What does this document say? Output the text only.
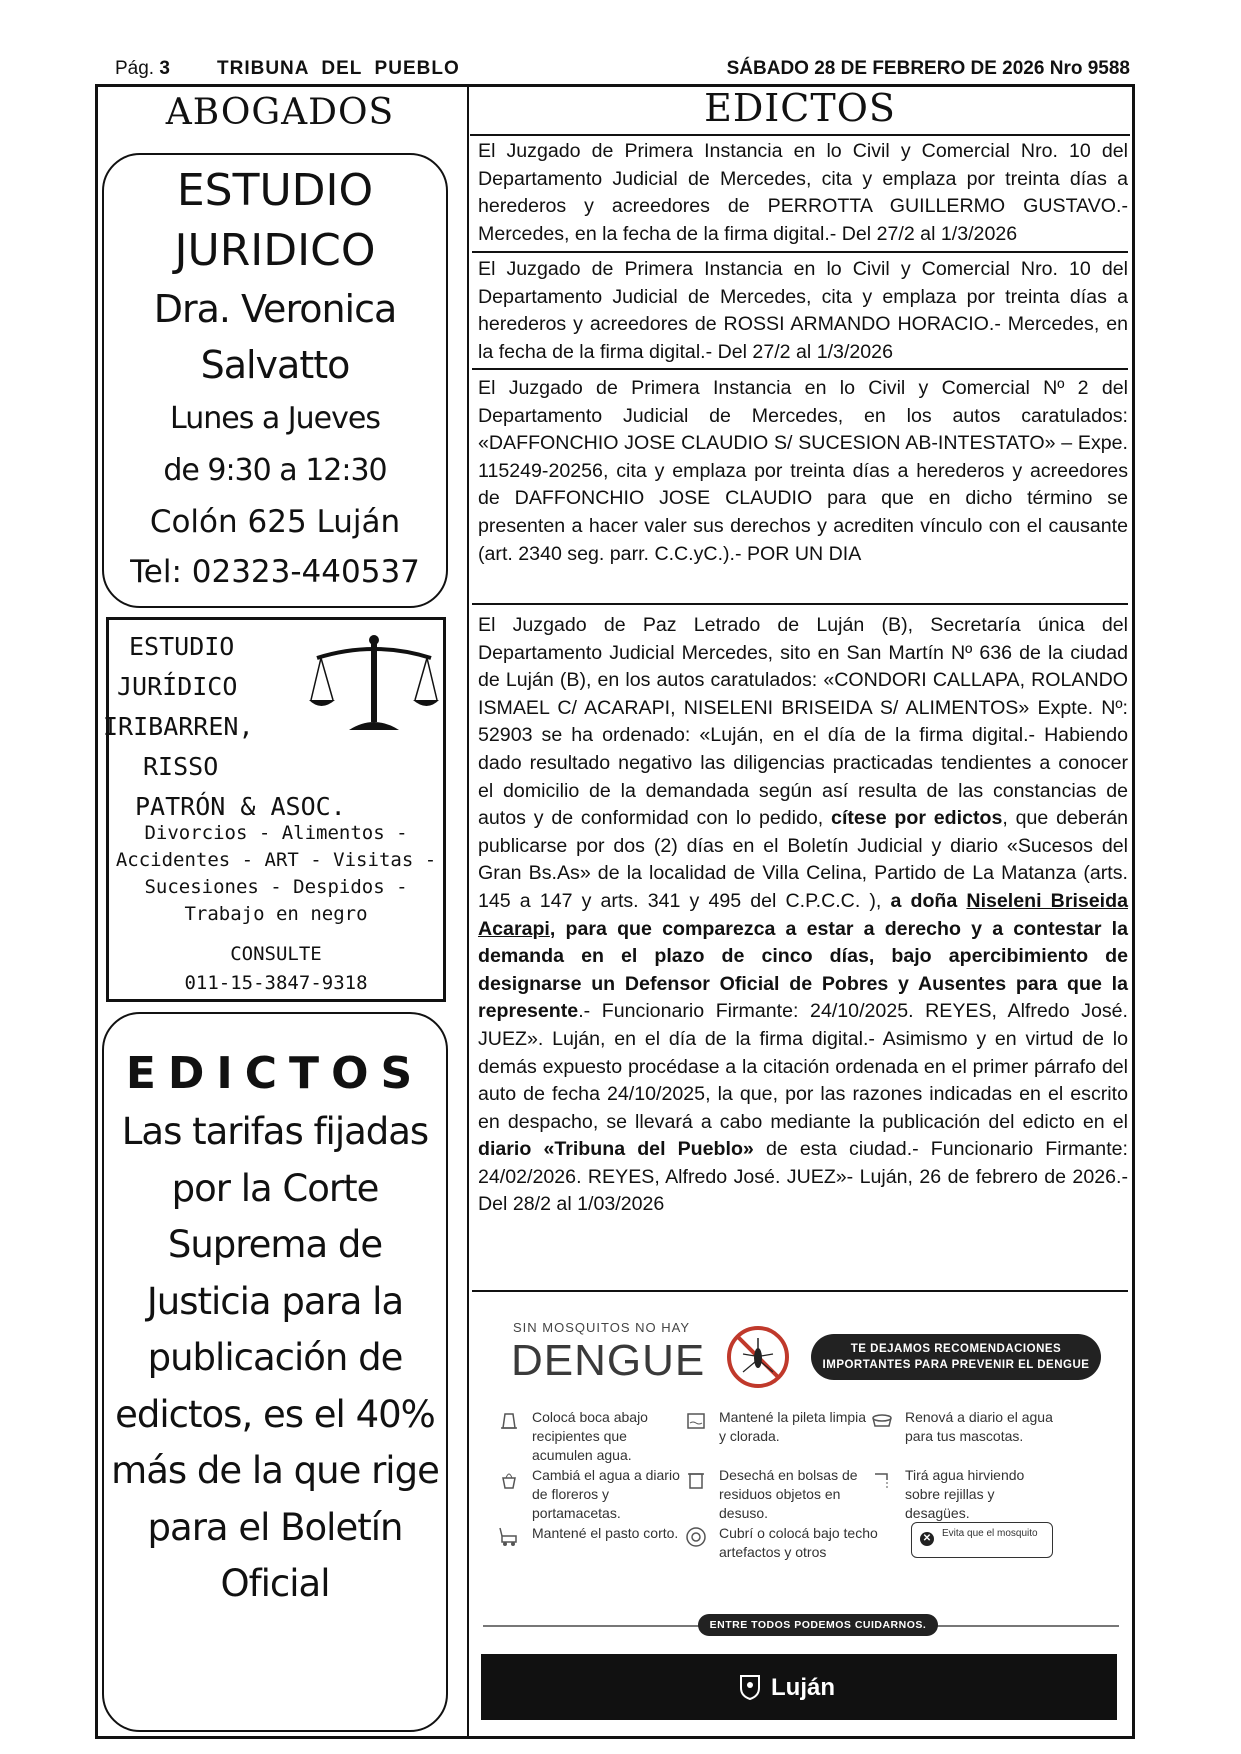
Pág. 3 TRIBUNA  DEL  PUEBLO	SÁBADO 28 DE FEBRERO DE 2026 Nro 9588
ABOGADOS	EDICTOS
ESTUDIO
JURIDICO
Dra. Veronica
Salvatto
Lunes a Jueves
de 9:30 a 12:30
Colón 625 Luján
Tel: 02323-440537
ESTUDIO
JURÍDICO
IRIBARREN,
RISSO
PATRÓN & ASOC.
Divorcios - Alimentos - Accidentes - ART - Visitas - Sucesiones - Despidos - Trabajo en negro
CONSULTE
011-15-3847-9318
EDICTOS
Las tarifas fijadas por la Corte Suprema de Justicia para la publicación de edictos, es el 40% más de la que rige para el Boletín Oficial

El Juzgado de Primera Instancia en lo Civil y Comercial Nro. 10 del Departamento Judicial de Mercedes, cita y emplaza por treinta días a herederos y acreedores de PERROTTA GUILLERMO GUSTAVO.- Mercedes, en la fecha de la firma digital.- Del 27/2 al 1/3/2026

El Juzgado de Primera Instancia en lo Civil y Comercial Nro. 10 del Departamento Judicial de Mercedes, cita y emplaza por treinta días a herederos y acreedores de ROSSI ARMANDO HORACIO.- Mercedes, en la fecha de la firma digital.- Del 27/2 al 1/3/2026

El Juzgado de Primera Instancia en lo Civil y Comercial Nº 2 del Departamento Judicial de Mercedes, en los autos caratulados: «DAFFONCHIO JOSE CLAUDIO S/ SUCESION AB-INTESTATO» – Expe. 115249-20256, cita y emplaza por treinta días a herederos y acreedores de DAFFONCHIO JOSE CLAUDIO para que en dicho término se presenten a hacer valer sus derechos y acrediten vínculo con el causante (art. 2340 seg. parr. C.C.yC.).- POR UN DIA

El Juzgado de Paz Letrado de Luján (B), Secretaría única del Departamento Judicial Mercedes, sito en San Martín Nº 636 de la ciudad de Luján (B), en los autos caratulados: «CONDORI CALLAPA, ROLANDO ISMAEL C/ ACARAPI, NISELENI BRISEIDA S/ ALIMENTOS» Expte. Nº: 52903 se ha ordenado: «Luján, en el día de la firma digital.- Habiendo dado resultado negativo las diligencias practicadas tendientes a conocer el domicilio de la demandada según así resulta de las constancias de autos y de conformidad con lo pedido, cítese por edictos, que deberán publicarse por dos (2) días en el Boletín Judicial y diario «Sucesos del Gran Bs.As» de la localidad de Villa Celina, Partido de La Matanza (arts. 145 a 147 y arts. 341 y 495 del C.P.C.C. ), a doña Niseleni Briseida Acarapi, para que comparezca a estar a derecho y a contestar la demanda en el plazo de cinco días, bajo apercibimiento de designarse un Defensor Oficial de Pobres y Ausentes para que la represente.- Funcionario Firmante: 24/10/2025. REYES, Alfredo José. JUEZ». Luján, en el día de la firma digital.- Asimismo y en virtud de lo demás expuesto procédase a la citación ordenada en el primer párrafo del auto de fecha 24/10/2025, la que, por las razones indicadas en el escrito en despacho, se llevará a cabo mediante la publicación del edicto en el diario «Tribuna del Pueblo» de esta ciudad.- Funcionario Firmante: 24/02/2026. REYES, Alfredo José. JUEZ»- Luján, 26 de febrero de 2026.- Del 28/2 al 1/03/2026

SIN MOSQUITOS NO HAY
DENGUE	TE DEJAMOS RECOMENDACIONES IMPORTANTES PARA PREVENIR EL DENGUE
Colocá boca abajo recipientes que acumulen agua.
Mantené la pileta limpia y clorada.
Renová a diario el agua para tus mascotas.
Cambiá el agua a diario de floreros y portamacetas.
Desechá en bolsas de residuos objetos en desuso.
Tirá agua hirviendo sobre rejillas y desagües.
Mantené el pasto corto.	Cubrí o colocá bajo techo artefactos y otros
✕ Evita que el mosquito
ENTRE TODOS PODEMOS CUIDARNOS.
Luján
